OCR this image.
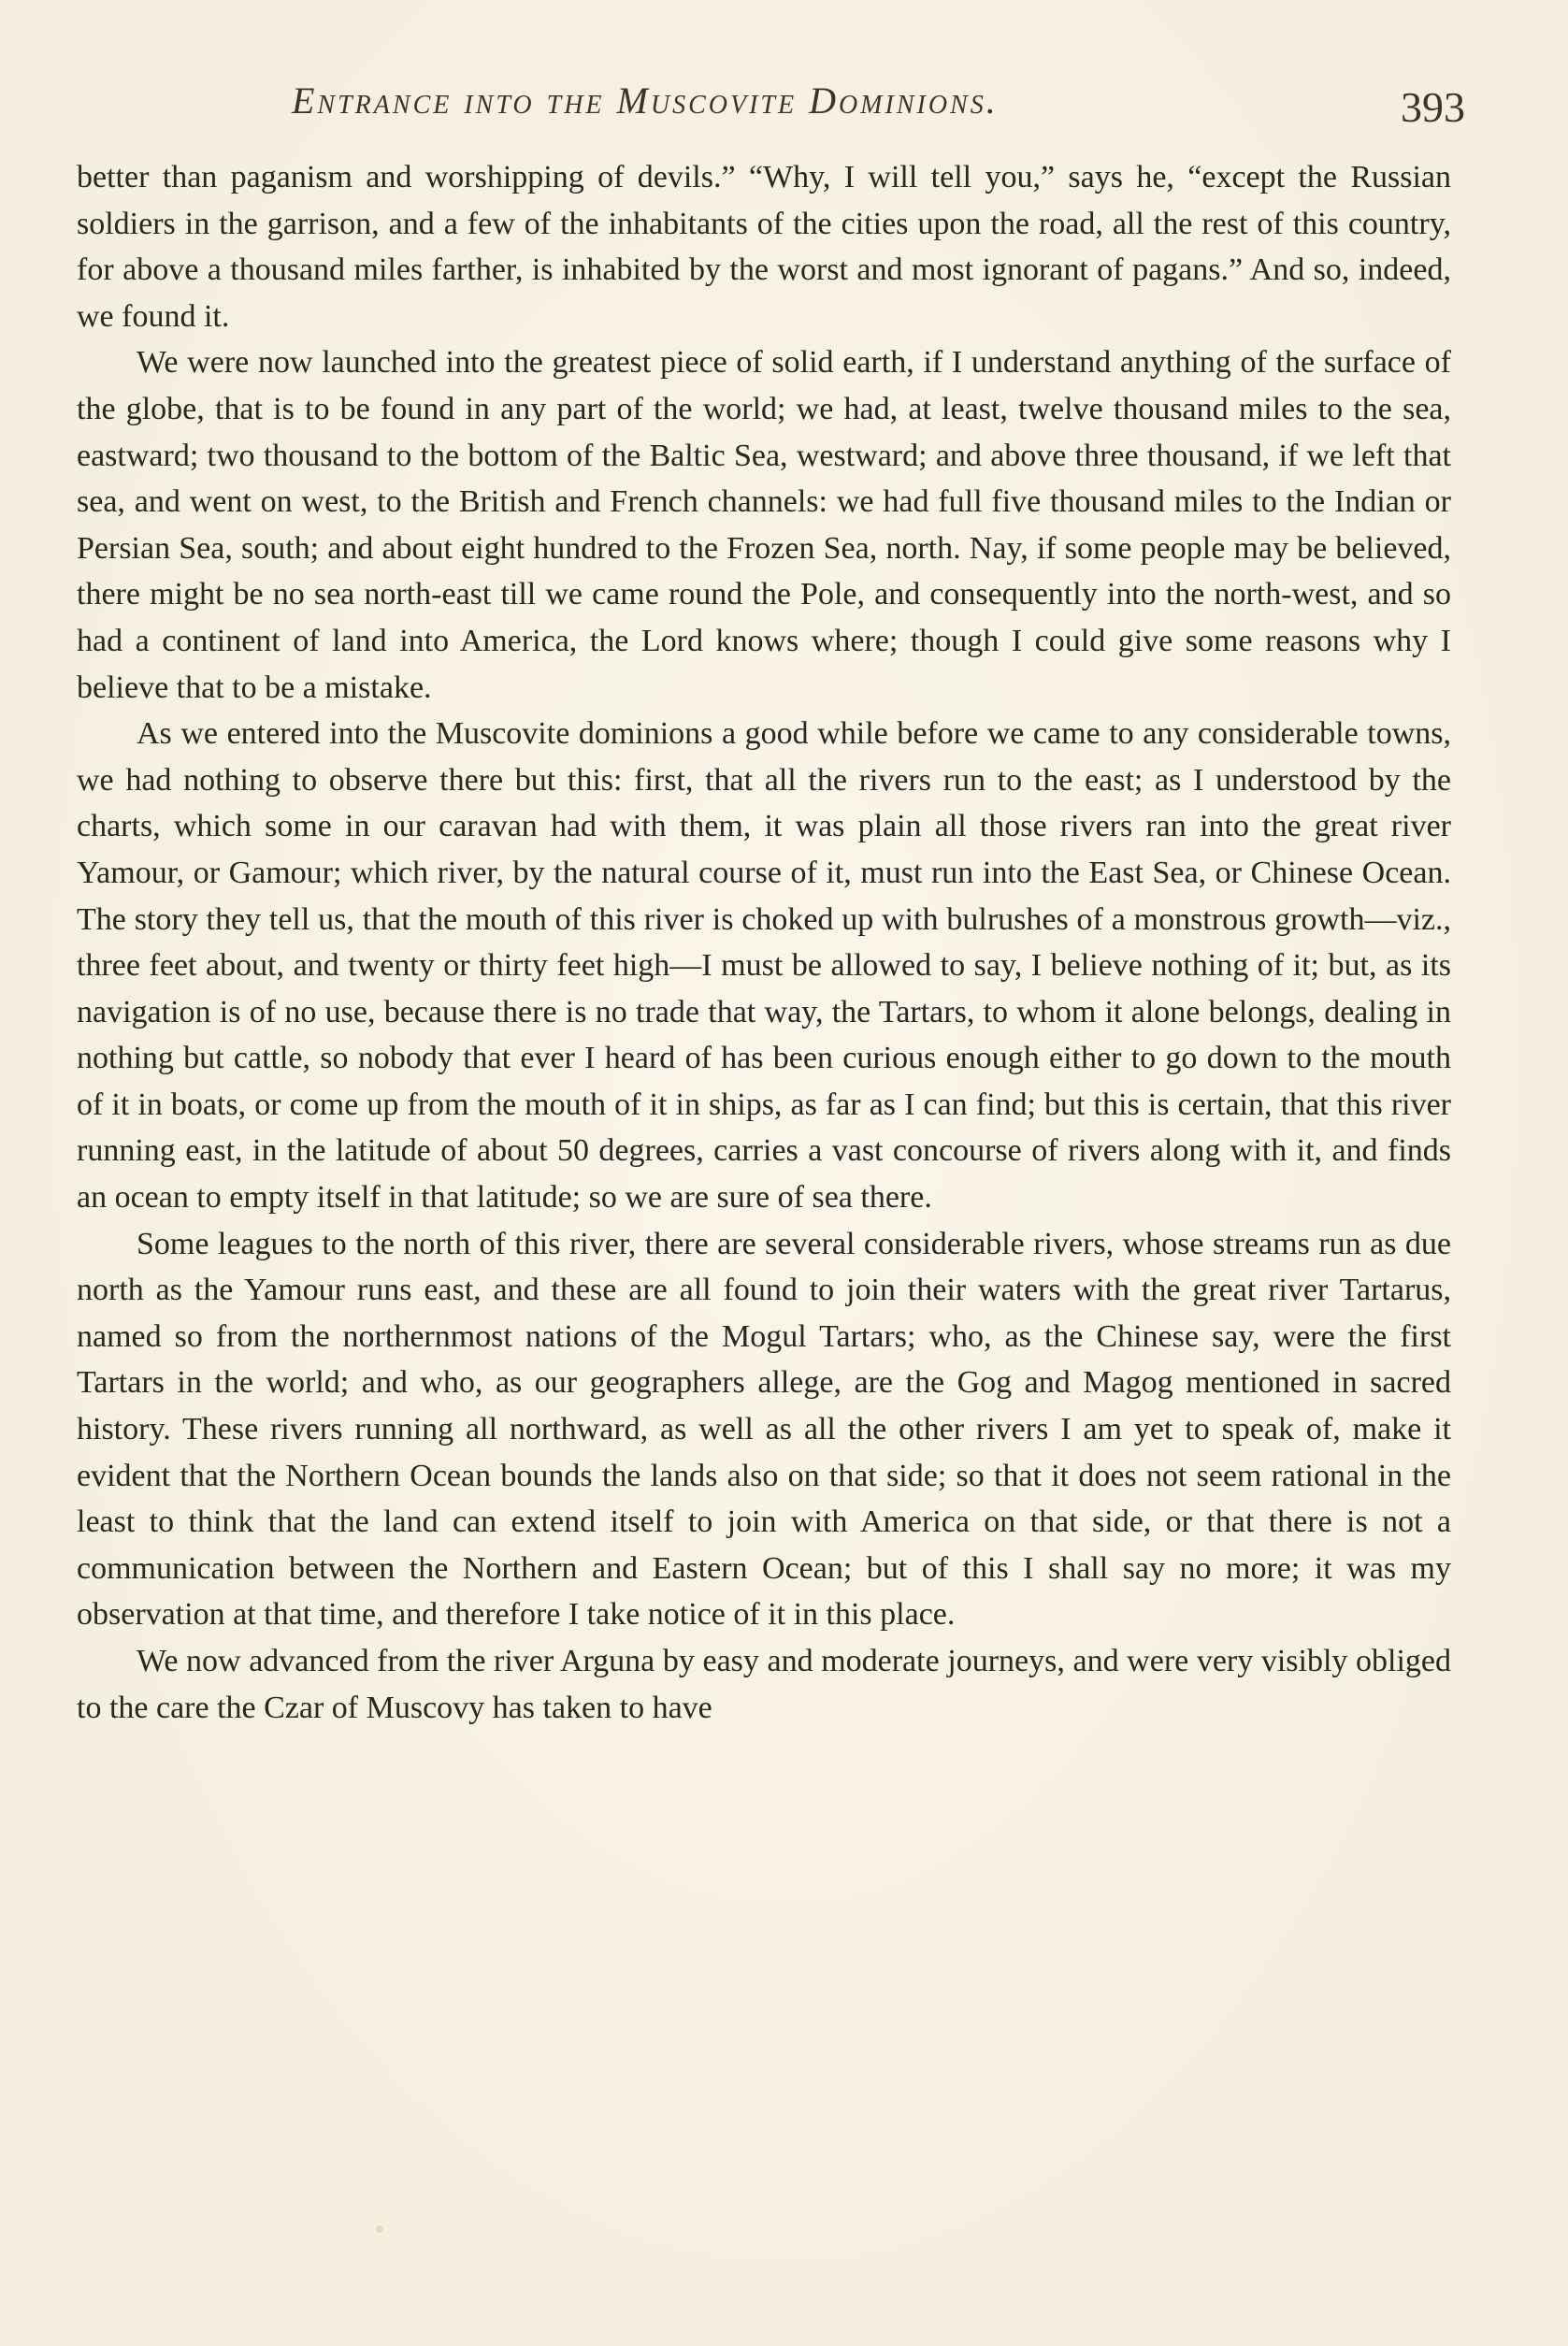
Entrance into the Muscovite Dominions.	393

better than paganism and worshipping of devils.” “Why, I will tell you,” says he, “except the Russian soldiers in the garrison, and a few of the inhabitants of the cities upon the road, all the rest of this country, for above a thousand miles farther, is inhabited by the worst and most ignorant of pagans.” And so, indeed, we found it.

We were now launched into the greatest piece of solid earth, if I understand anything of the surface of the globe, that is to be found in any part of the world; we had, at least, twelve thousand miles to the sea, eastward; two thousand to the bottom of the Baltic Sea, westward; and above three thousand, if we left that sea, and went on west, to the British and French channels: we had full five thousand miles to the Indian or Persian Sea, south; and about eight hundred to the Frozen Sea, north. Nay, if some people may be believed, there might be no sea north-east till we came round the Pole, and consequently into the north-west, and so had a continent of land into America, the Lord knows where; though I could give some reasons why I believe that to be a mistake.

As we entered into the Muscovite dominions a good while before we came to any considerable towns, we had nothing to observe there but this: first, that all the rivers run to the east; as I understood by the charts, which some in our caravan had with them, it was plain all those rivers ran into the great river Yamour, or Gamour; which river, by the natural course of it, must run into the East Sea, or Chinese Ocean. The story they tell us, that the mouth of this river is choked up with bulrushes of a monstrous growth—viz., three feet about, and twenty or thirty feet high—I must be allowed to say, I believe nothing of it; but, as its navigation is of no use, because there is no trade that way, the Tartars, to whom it alone belongs, dealing in nothing but cattle, so nobody that ever I heard of has been curious enough either to go down to the mouth of it in boats, or come up from the mouth of it in ships, as far as I can find; but this is certain, that this river running east, in the latitude of about 50 degrees, carries a vast concourse of rivers along with it, and finds an ocean to empty itself in that latitude; so we are sure of sea there.

Some leagues to the north of this river, there are several considerable rivers, whose streams run as due north as the Yamour runs east, and these are all found to join their waters with the great river Tartarus, named so from the northernmost nations of the Mogul Tartars; who, as the Chinese say, were the first Tartars in the world; and who, as our geographers allege, are the Gog and Magog mentioned in sacred history. These rivers running all northward, as well as all the other rivers I am yet to speak of, make it evident that the Northern Ocean bounds the lands also on that side; so that it does not seem rational in the least to think that the land can extend itself to join with America on that side, or that there is not a communication between the Northern and Eastern Ocean; but of this I shall say no more; it was my observation at that time, and therefore I take notice of it in this place.

We now advanced from the river Arguna by easy and moderate journeys, and were very visibly obliged to the care the Czar of Muscovy has taken to have
